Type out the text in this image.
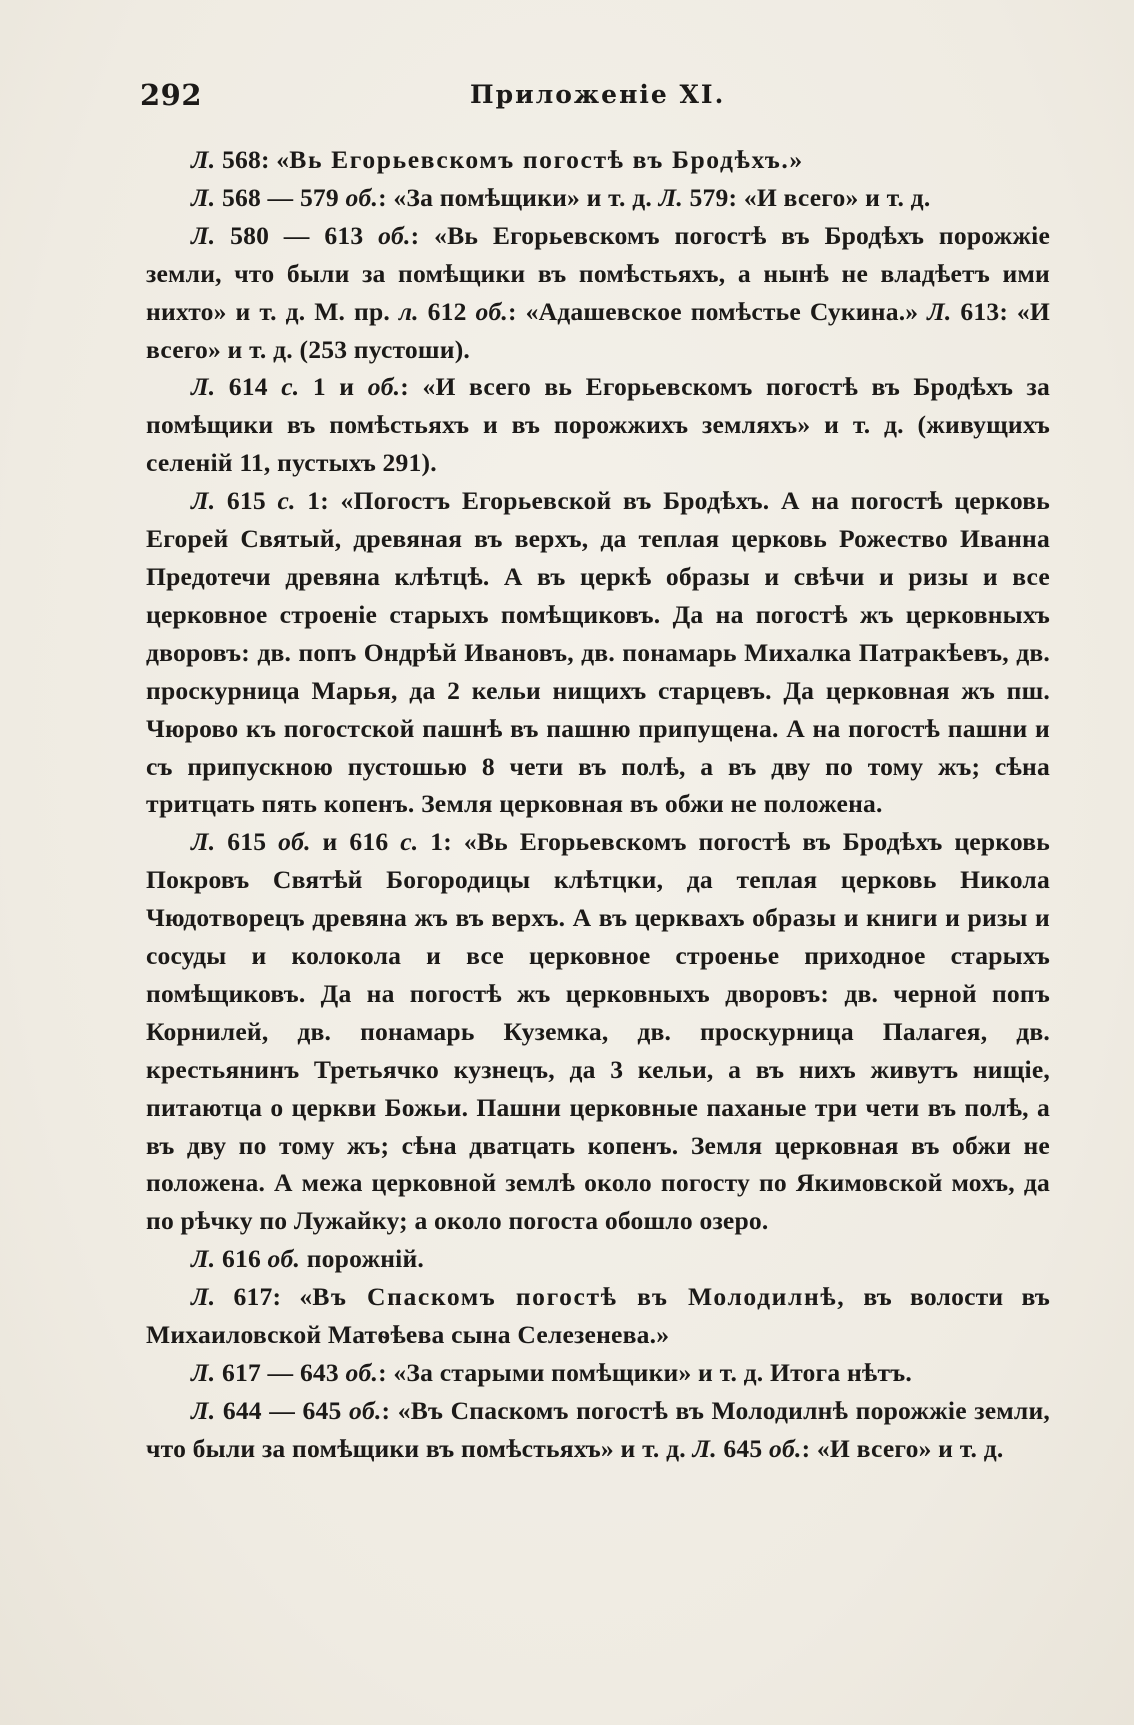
292	Приложеніе XI.

Л. 568: «Вь Егорьевскомъ погостѣ въ Бродѣхъ.»

Л. 568 — 579 об.: «За помѣщики» и т. д. Л. 579: «И всего» и т. д.

Л. 580 — 613 об.: «Вь Егорьевскомъ погостѣ въ Бродѣхъ порожжіе земли, что были за помѣщики въ помѣстьяхъ, а нынѣ не владѣетъ ими нихто» и т. д. М. пр. л. 612 об.: «Адашевское помѣстье Сукина.» Л. 613: «И всего» и т. д. (253 пустоши).

Л. 614 с. 1 и об.: «И всего вь Егорьевскомъ погостѣ въ Бродѣхъ за помѣщики въ помѣстьяхъ и въ порожжихъ земляхъ» и т. д. (живущихъ селенiй 11, пустыхъ 291).

Л. 615 с. 1: «Погостъ Егорьевской въ Бродѣхъ. А на погостѣ церковь Егорей Святый, древяная въ верхъ, да теплая церковь Рожество Иванна Предотечи древяна клѣтцѣ. А въ церкѣ образы и свѣчи и ризы и все церковное строенiе старыхъ помѣщиковъ. Да на погостѣ жъ церковныхъ дворовъ: дв. попъ Ондрѣй Ивановъ, дв. понамарь Михалка Патракѣевъ, дв. проскурница Марья, да 2 кельи нищихъ старцевъ. Да церковная жъ пш. Чюрово къ погостской пашнѣ въ пашню припущена. А на погостѣ пашни и съ припускною пустошью 8 чети въ полѣ, а въ дву по тому жъ; сѣна тритцать пять копенъ. Земля церковная въ обжи не положена.

Л. 615 об. и 616 с. 1: «Вь Егорьевскомъ погостѣ въ Бродѣхъ церковь Покровъ Святѣй Богородицы клѣтцки, да теплая церковь Никола Чюдотворецъ древяна жъ въ верхъ. А въ церквахъ образы и книги и ризы и сосуды и колокола и все церковное строенье приходное старыхъ помѣщиковъ. Да на погостѣ жъ церковныхъ дворовъ: дв. черной попъ Корнилей, дв. понамарь Куземка, дв. проскурница Палагея, дв. крестьянинъ Третьячко кузнецъ, да 3 кельи, а въ нихъ живутъ нищiе, питаютца о церкви Божьи. Пашни церковные паханые три чети въ полѣ, а въ дву по тому жъ; сѣна дватцать копенъ. Земля церковная въ обжи не положена. А межа церковной землѣ около погосту по Якимовской мохъ, да по рѣчку по Лужайку; а около погоста обошло озеро.

Л. 616 об. порожнiй.

Л. 617: «Въ Спаскомъ погостѣ въ Молодилнѣ, въ волости въ Михаиловской Матѳѣева сына Селезенева.»

Л. 617 — 643 об.: «За старыми помѣщики» и т. д. Итога нѣтъ.

Л. 644 — 645 об.: «Въ Спаскомъ погостѣ въ Молодилнѣ порожжiе земли, что были за помѣщики въ помѣстьяхъ» и т. д. Л. 645 об.: «И всего» и т. д.
